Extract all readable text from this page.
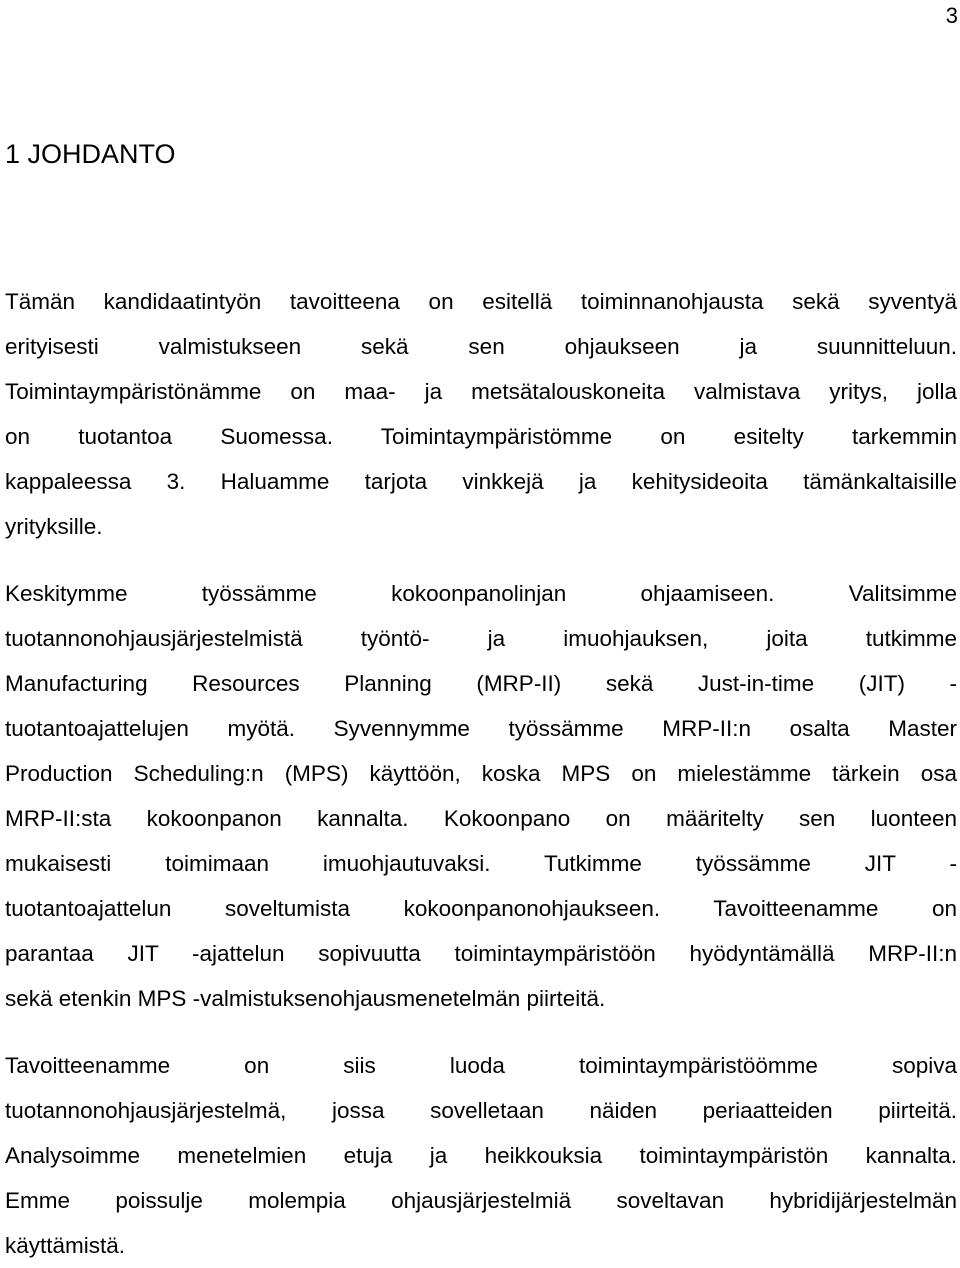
3
1 JOHDANTO
Tämän kandidaatintyön tavoitteena on esitellä toiminnanohjausta sekä syventyä
erityisesti valmistukseen sekä sen ohjaukseen ja suunnitteluun.
Toimintaympäristönämme on maa- ja metsätalouskoneita valmistava yritys, jolla
on tuotantoa Suomessa. Toimintaympäristömme on esitelty tarkemmin
kappaleessa 3. Haluamme tarjota vinkkejä ja kehitysideoita tämänkaltaisille
yrityksille.
Keskitymme työssämme kokoonpanolinjan ohjaamiseen. Valitsimme
tuotannonohjausjärjestelmistä työntö- ja imuohjauksen, joita tutkimme
Manufacturing Resources Planning (MRP-II) sekä Just-in-time (JIT) -
tuotantoajattelujen myötä. Syvennymme työssämme MRP-II:n osalta Master
Production Scheduling:n (MPS) käyttöön, koska MPS on mielestämme tärkein osa
MRP-II:sta kokoonpanon kannalta. Kokoonpano on määritelty sen luonteen
mukaisesti toimimaan imuohjautuvaksi. Tutkimme työssämme JIT -
tuotantoajattelun soveltumista kokoonpanonohjaukseen. Tavoitteenamme on
parantaa JIT -ajattelun sopivuutta toimintaympäristöön hyödyntämällä MRP-II:n
sekä etenkin MPS -valmistuksenohjausmenetelmän piirteitä.
Tavoitteenamme on siis luoda toimintaympäristöömme sopiva
tuotannonohjausjärjestelmä, jossa sovelletaan näiden periaatteiden piirteitä.
Analysoimme menetelmien etuja ja heikkouksia toimintaympäristön kannalta.
Emme poissulje molempia ohjausjärjestelmiä soveltavan hybridijärjestelmän
käyttämistä.
